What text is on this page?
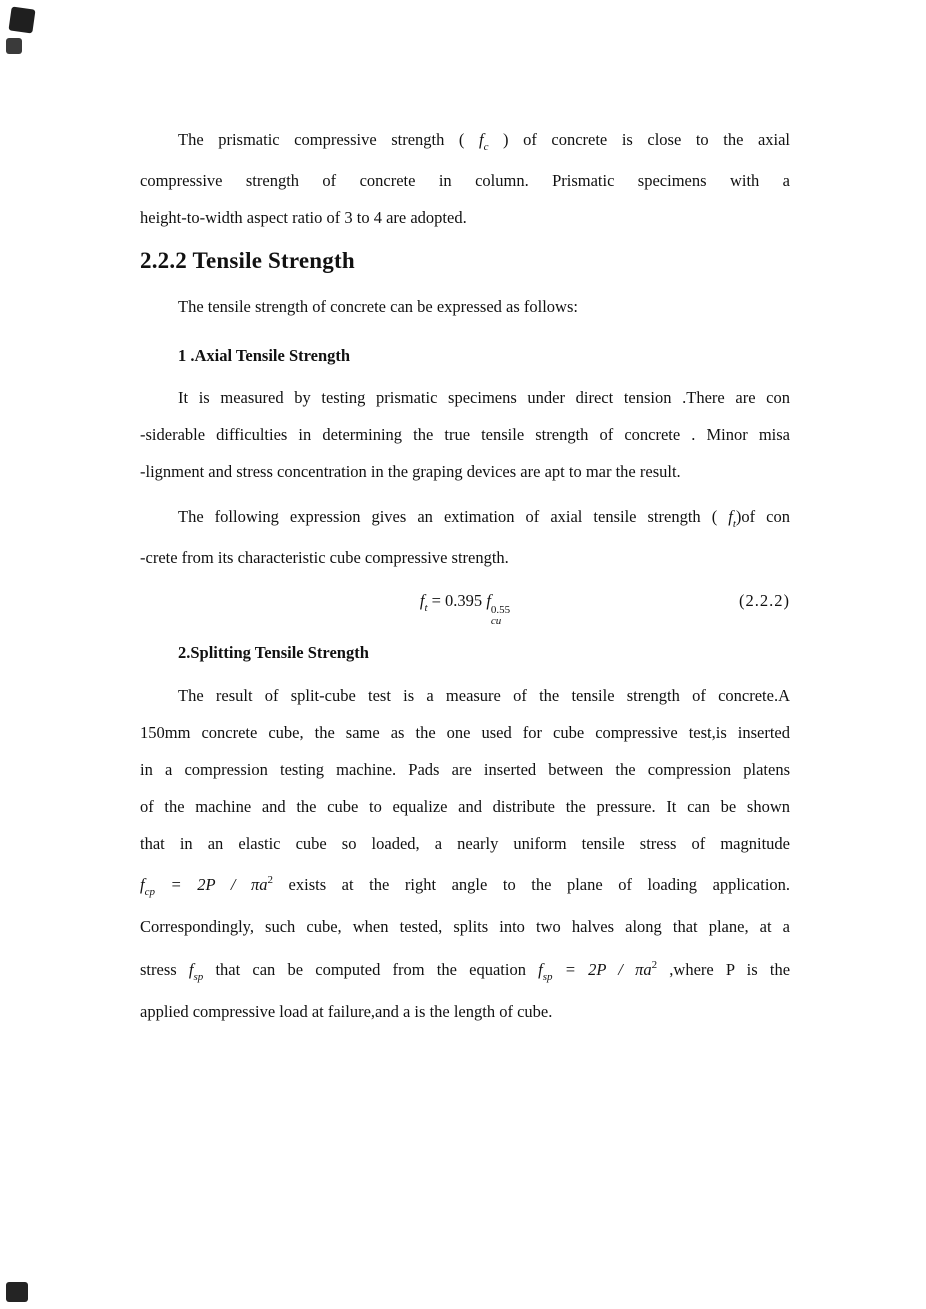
The prismatic compressive strength ( $f_c$ ) of concrete is close to the axial
compressive strength of concrete in column. Prismatic specimens with a
height-to-width aspect ratio of 3 to 4 are adopted.
2.2.2 Tensile Strength
The tensile strength of concrete can be expressed as follows:
1 .Axial Tensile Strength
It is measured by testing prismatic specimens under direct tension .There are con
-siderable difficulties in determining the true tensile strength of concrete . Minor misa
-lignment and stress concentration in the graping devices are apt to mar the result.
The following expression gives an extimation of axial tensile strength ( $f_t)of$ con
-crete from its characteristic cube compressive strength.
$f_t = 0.395$ f 0.55
cu
(2.2.2)
2.Splitting Tensile Strength
The result of split-cube test is a measure of the tensile strength of concrete.A
150mm concrete cube, the same as the one used for cube compressive test,is inserted
in a compression testing machine. Pads are inserted between the compression platens
of the machine and the cube to equalize and distribute the pressure. It can be shown
that in an elastic cube so loaded, a nearly uniform tensile stress of magnitude
$f_{cp} = 2P / \pi a^2$ exists at the right angle to the plane of loading application.
Correspondingly, such cube, when tested, splits into two halves along that plane, at a
stress $f_{sp}$ that can be computed from the equation $f_{sp} = 2P / \pi a^2$ ,where P is the
applied compressive load at failure,and a is the length of cube.
